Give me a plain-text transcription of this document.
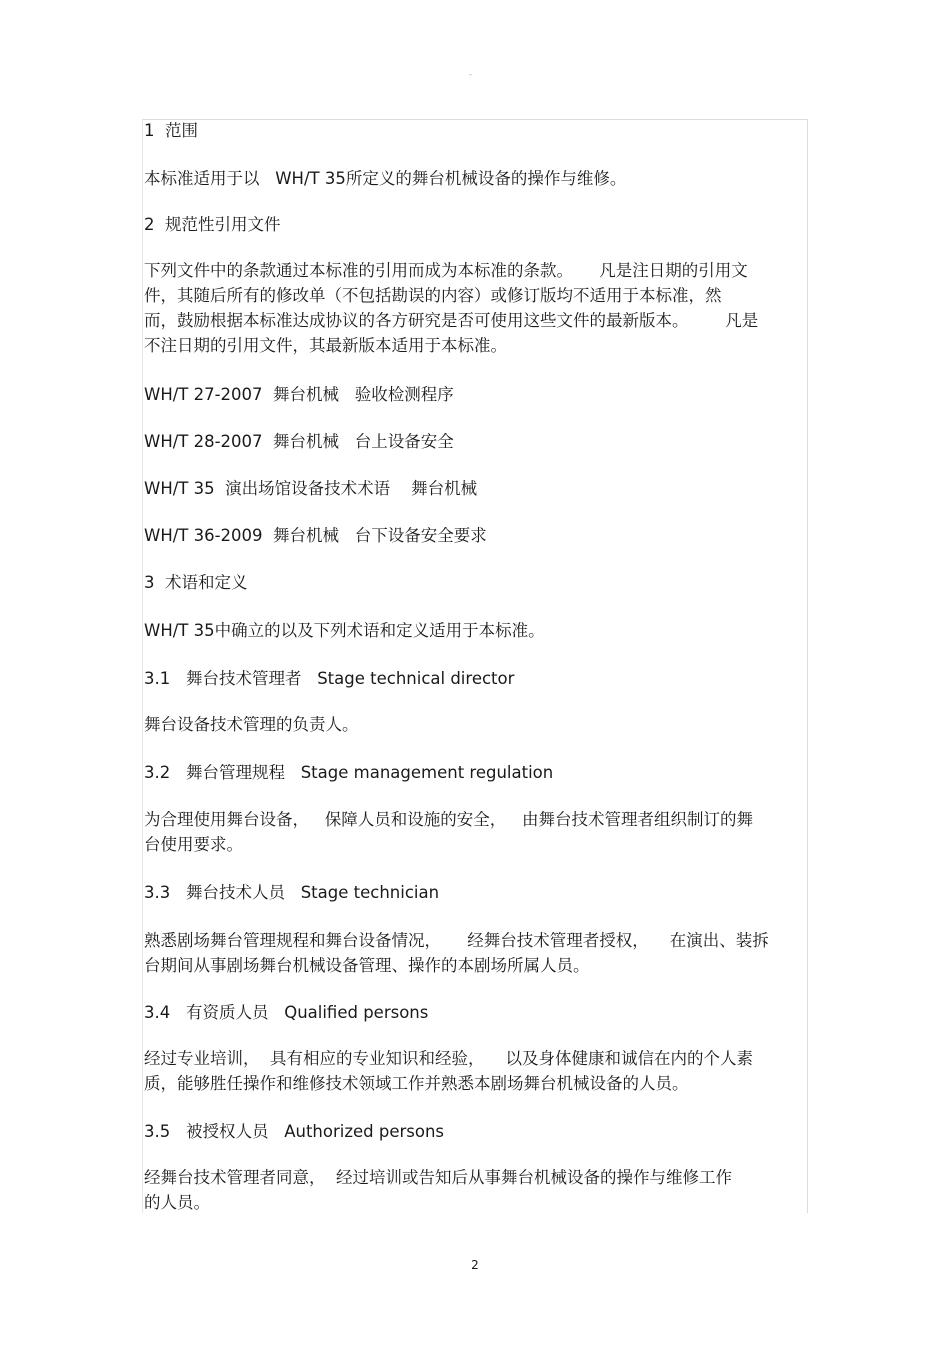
-

1  范围

本标准适用于以   WH/T 35所定义的舞台机械设备的操作与维修。

2  规范性引用文件

下列文件中的条款通过本标准的引用而成为本标准的条款。     凡是注日期的引用文
件，其随后所有的修改单（不包括勘误的内容）或修订版均不适用于本标准，然
而，鼓励根据本标准达成协议的各方研究是否可使用这些文件的最新版本。       凡是
不注日期的引用文件，其最新版本适用于本标准。

WH/T 27-2007  舞台机械   验收检测程序

WH/T 28-2007  舞台机械   台上设备安全

WH/T 35  演出场馆设备技术术语    舞台机械

WH/T 36-2009  舞台机械   台下设备安全要求

3  术语和定义

WH/T 35中确立的以及下列术语和定义适用于本标准。

3.1   舞台技术管理者   Stage technical director

舞台设备技术管理的负责人。

3.2   舞台管理规程   Stage management regulation

为合理使用舞台设备，   保障人员和设施的安全，   由舞台技术管理者组织制订的舞
台使用要求。

3.3   舞台技术人员   Stage technician

熟悉剧场舞台管理规程和舞台设备情况，     经舞台技术管理者授权，    在演出、装拆
台期间从事剧场舞台机械设备管理、操作的本剧场所属人员。

3.4   有资质人员   Qualified persons

经过专业培训，  具有相应的专业知识和经验，    以及身体健康和诚信在内的个人素
质，能够胜任操作和维修技术领域工作并熟悉本剧场舞台机械设备的人员。

3.5   被授权人员   Authorized persons

经舞台技术管理者同意，  经过培训或告知后从事舞台机械设备的操作与维修工作
的人员。

2
